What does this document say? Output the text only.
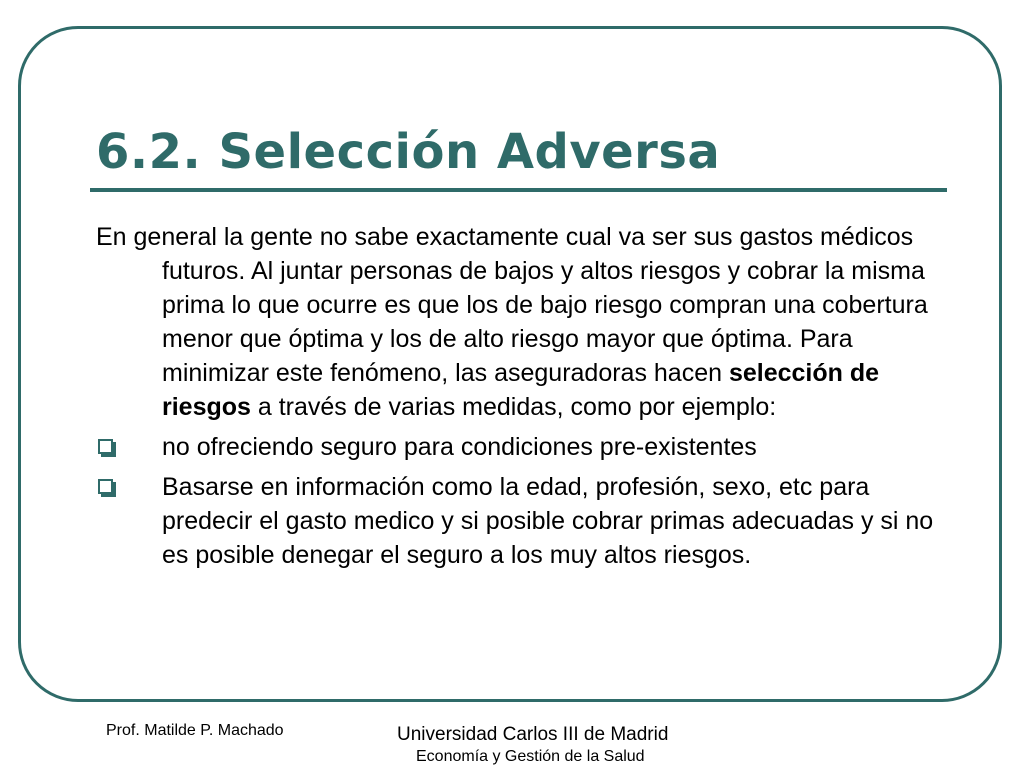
6.2. Selección Adversa

En general la gente no sabe exactamente cual va ser sus gastos médicos futuros. Al juntar personas de bajos y altos riesgos y cobrar la misma prima lo que ocurre es que los de bajo riesgo compran una cobertura menor que óptima y los de alto riesgo mayor que óptima. Para minimizar este fenómeno, las aseguradoras hacen selección de riesgos a través de varias medidas, como por ejemplo:

no ofreciendo seguro para condiciones pre-existentes
Basarse en información como la edad, profesión, sexo, etc para predecir el gasto medico y si posible cobrar primas adecuadas y si no es posible denegar el seguro a los muy altos riesgos.
Prof. Matilde P. Machado	Universidad Carlos III de Madrid
Economía y Gestión de la Salud
